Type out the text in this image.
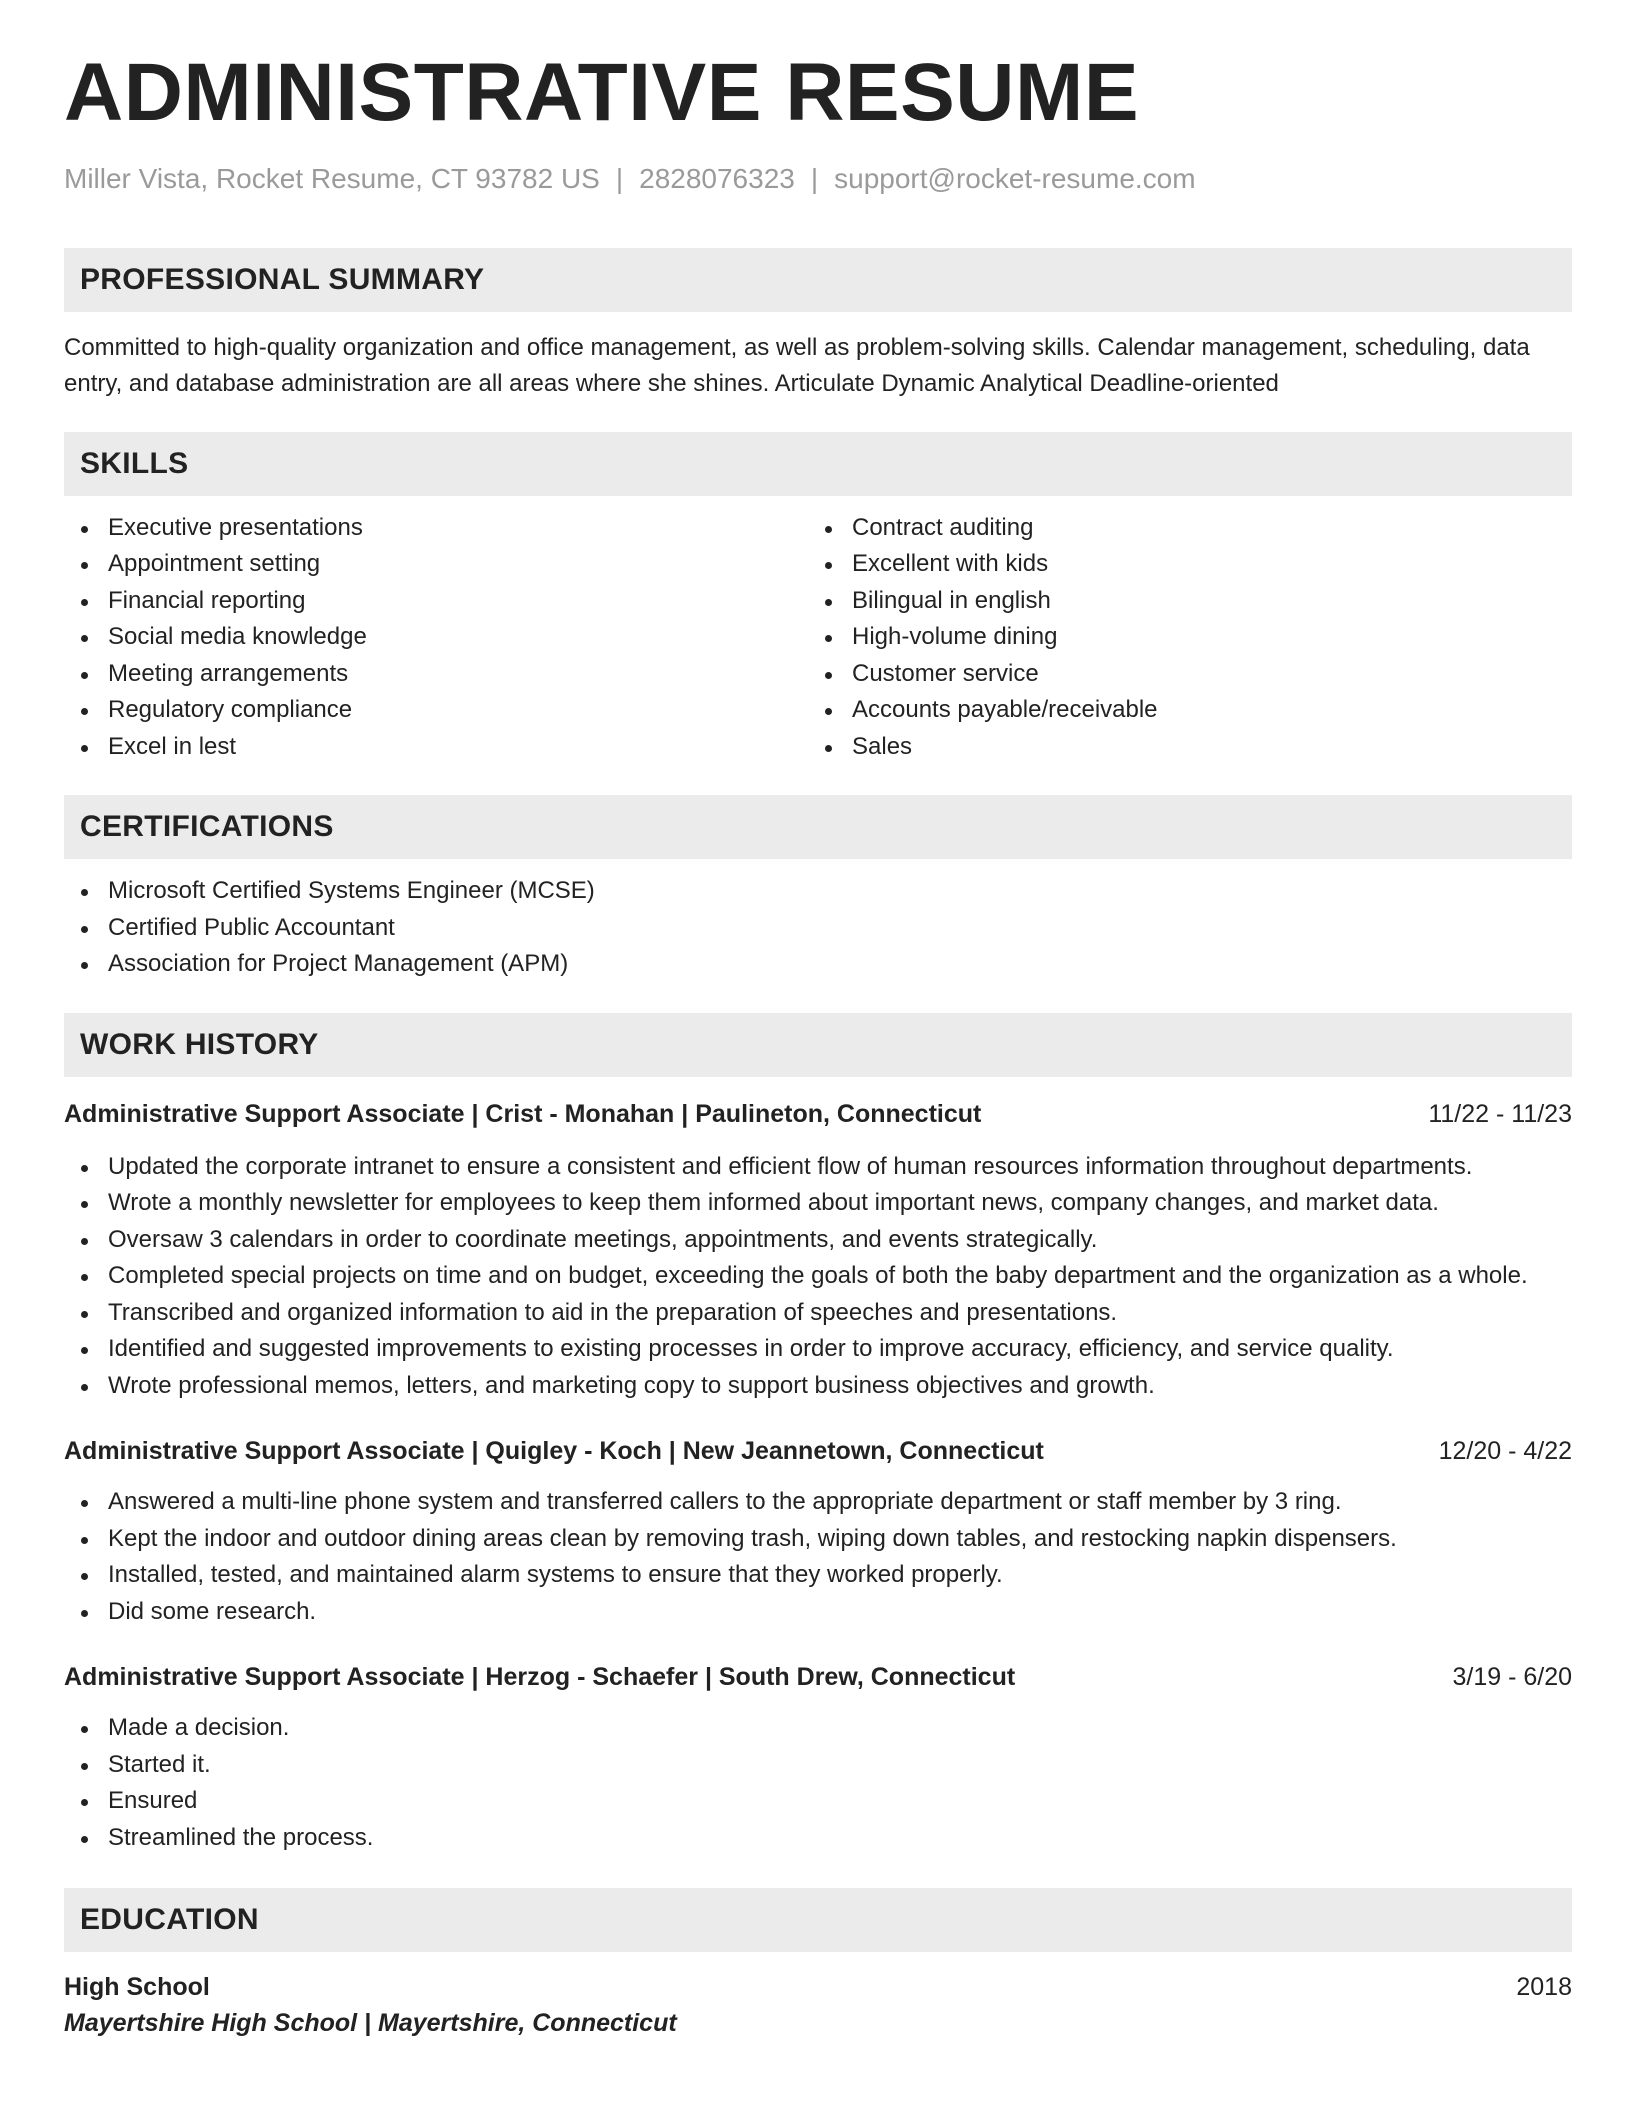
ADMINISTRATIVE RESUME
Miller Vista, Rocket Resume, CT 93782 US | 2828076323 | support@rocket-resume.com
PROFESSIONAL SUMMARY
Committed to high-quality organization and office management, as well as problem-solving skills. Calendar management, scheduling, data entry, and database administration are all areas where she shines. Articulate Dynamic Analytical Deadline-oriented
SKILLS
Executive presentations
Appointment setting
Financial reporting
Social media knowledge
Meeting arrangements
Regulatory compliance
Excel in lest
Contract auditing
Excellent with kids
Bilingual in english
High-volume dining
Customer service
Accounts payable/receivable
Sales
CERTIFICATIONS
Microsoft Certified Systems Engineer (MCSE)
Certified Public Accountant
Association for Project Management (APM)
WORK HISTORY
Administrative Support Associate | Crist - Monahan | Paulineton, Connecticut	11/22 - 11/23
Updated the corporate intranet to ensure a consistent and efficient flow of human resources information throughout departments.
Wrote a monthly newsletter for employees to keep them informed about important news, company changes, and market data.
Oversaw 3 calendars in order to coordinate meetings, appointments, and events strategically.
Completed special projects on time and on budget, exceeding the goals of both the baby department and the organization as a whole.
Transcribed and organized information to aid in the preparation of speeches and presentations.
Identified and suggested improvements to existing processes in order to improve accuracy, efficiency, and service quality.
Wrote professional memos, letters, and marketing copy to support business objectives and growth.
Administrative Support Associate | Quigley - Koch | New Jeannetown, Connecticut	12/20 - 4/22
Answered a multi-line phone system and transferred callers to the appropriate department or staff member by 3 ring.
Kept the indoor and outdoor dining areas clean by removing trash, wiping down tables, and restocking napkin dispensers.
Installed, tested, and maintained alarm systems to ensure that they worked properly.
Did some research.
Administrative Support Associate | Herzog - Schaefer | South Drew, Connecticut	3/19 - 6/20
Made a decision.
Started it.
Ensured
Streamlined the process.
EDUCATION
High School	2018
Mayertshire High School | Mayertshire, Connecticut
